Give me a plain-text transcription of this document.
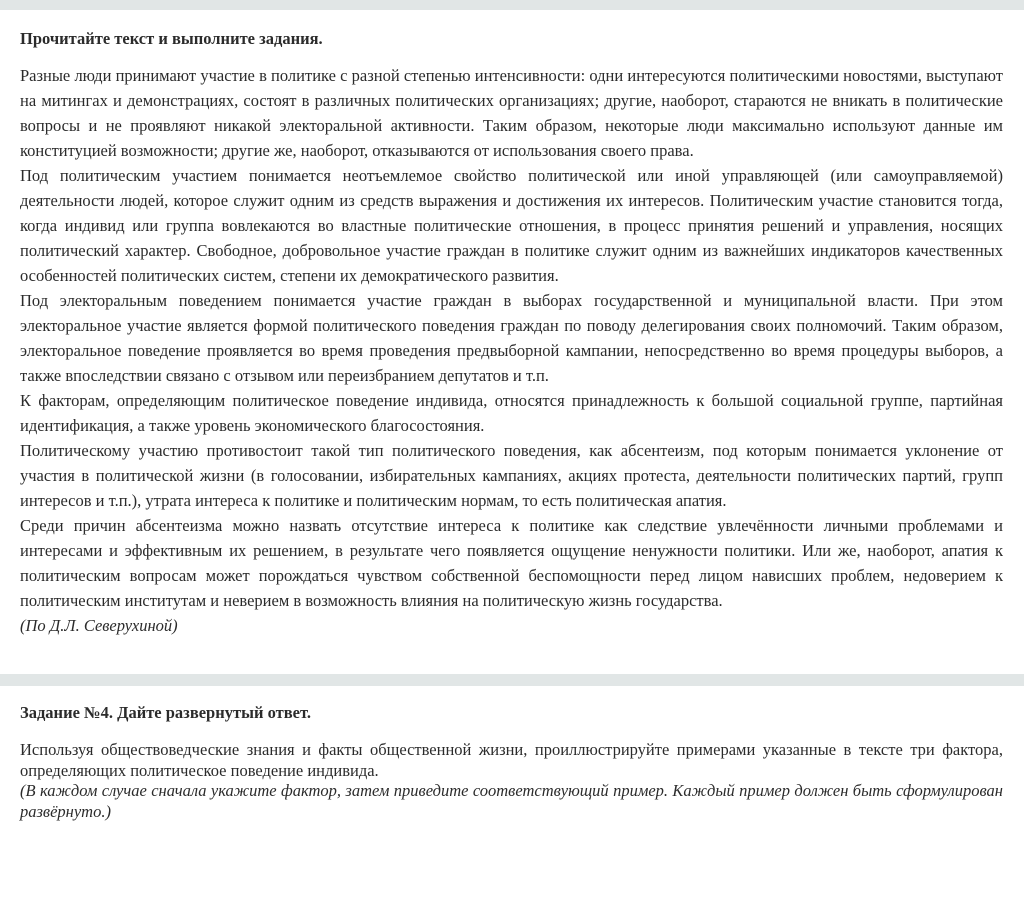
Прочитайте текст и выполните задания.

Разные люди принимают участие в политике с разной степенью интенсивности: одни интересуются политическими новостями, выступают на митингах и демонстрациях, состоят в различных политических организациях; другие, наоборот, стараются не вникать в политические вопросы и не проявляют никакой электоральной активности. Таким образом, некоторые люди максимально используют данные им конституцией возможности; другие же, наоборот, отказываются от использования своего права.

Под политическим участием понимается неотъемлемое свойство политической или иной управляющей (или самоуправляемой) деятельности людей, которое служит одним из средств выражения и достижения их интересов. Политическим участие становится тогда, когда индивид или группа вовлекаются во властные политические отношения, в процесс принятия решений и управления, носящих политический характер. Свободное, добровольное участие граждан в политике служит одним из важнейших индикаторов качественных особенностей политических систем, степени их демократического развития.

Под электоральным поведением понимается участие граждан в выборах государственной и муниципальной власти. При этом электоральное участие является формой политического поведения граждан по поводу делегирования своих полномочий. Таким образом, электоральное поведение проявляется во время проведения предвыборной кампании, непосредственно во время процедуры выборов, а также впоследствии связано с отзывом или переизбранием депутатов и т.п.

К факторам, определяющим политическое поведение индивида, относятся принадлежность к большой социальной группе, партийная идентификация, а также уровень экономического благосостояния.

Политическому участию противостоит такой тип политического поведения, как абсентеизм, под которым понимается уклонение от участия в политической жизни (в голосовании, избирательных кампаниях, акциях протеста, деятельности политических партий, групп интересов и т.п.), утрата интереса к политике и политическим нормам, то есть политическая апатия.

Среди причин абсентеизма можно назвать отсутствие интереса к политике как следствие увлечённости личными проблемами и интересами и эффективным их решением, в результате чего появляется ощущение ненужности политики. Или же, наоборот, апатия к политическим вопросам может порождаться чувством собственной беспомощности перед лицом нависших проблем, недоверием к политическим институтам и неверием в возможность влияния на политическую жизнь государства.

(По Д.Л. Северухиной)

Задание №4. Дайте развернутый ответ.

Используя обществоведческие знания и факты общественной жизни, проиллюстрируйте примерами указанные в тексте три фактора, определяющих политическое поведение индивида.

(В каждом случае сначала укажите фактор, затем приведите соответствующий пример. Каждый пример должен быть сформулирован развёрнуто.)
